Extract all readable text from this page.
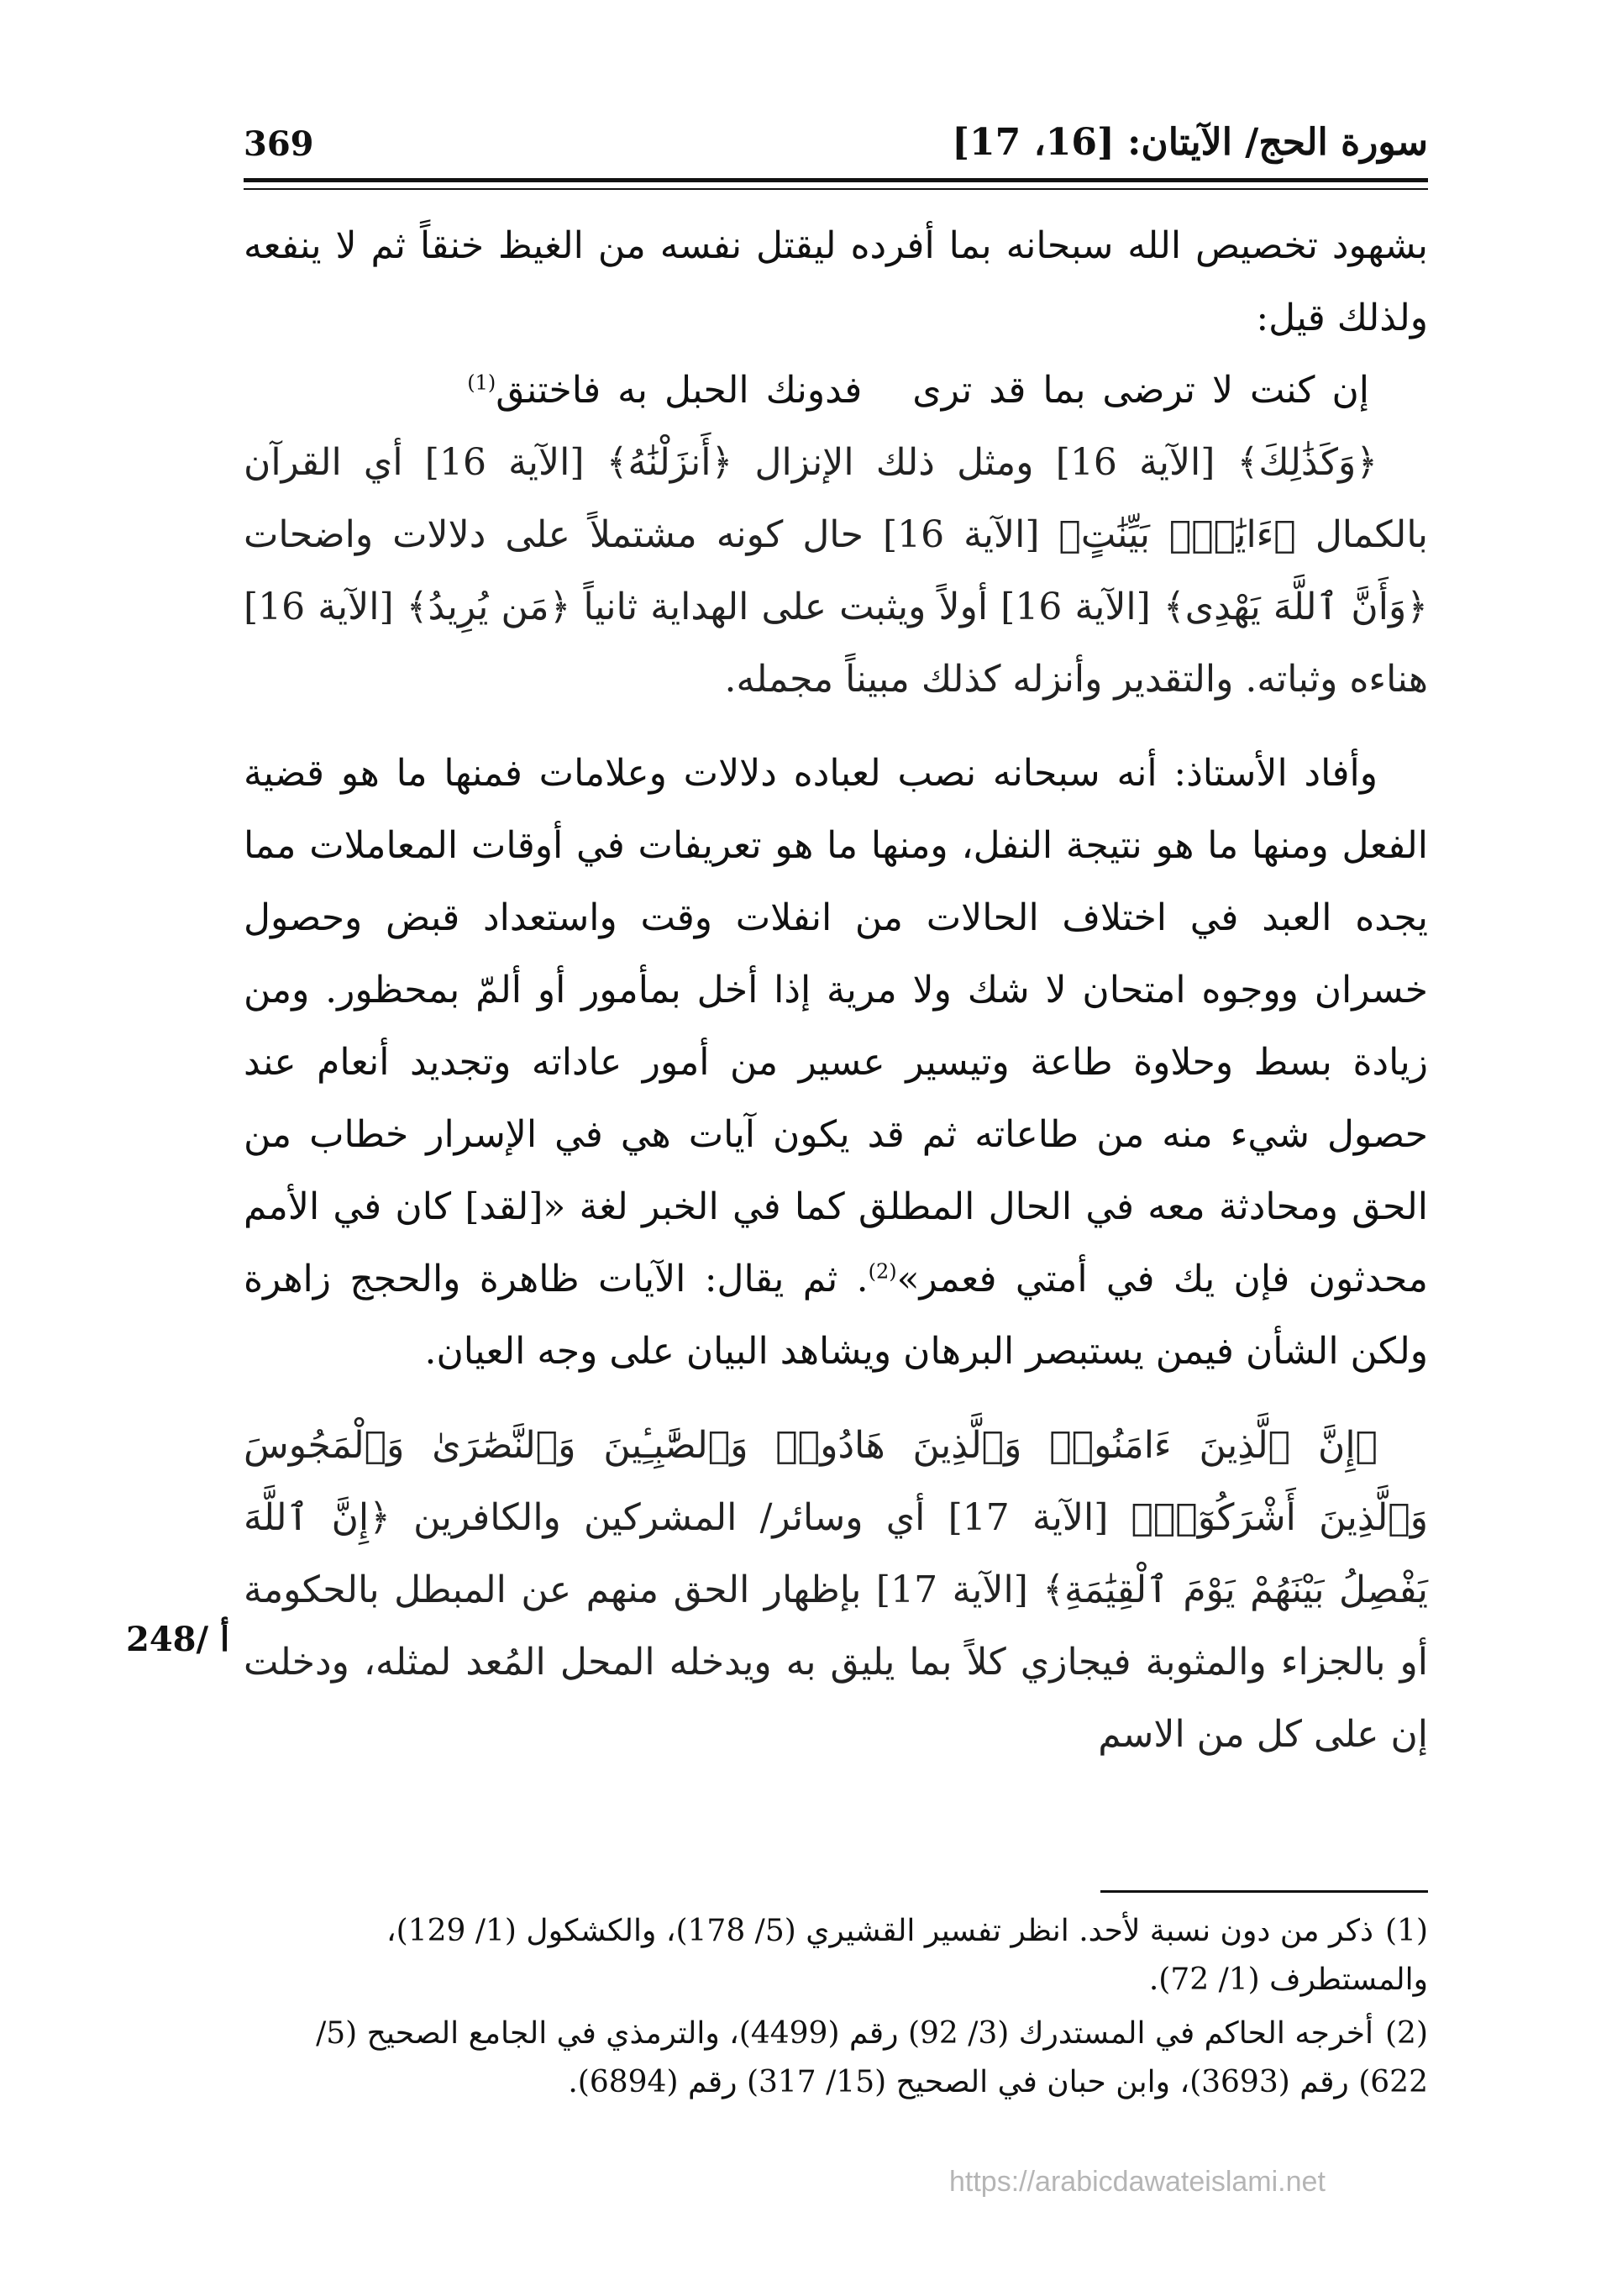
369	سورة الحج/ الآيتان: [16، 17]

بشهود تخصيص الله سبحانه بما أفرده ليقتل نفسه من الغيظ خنقاً ثم لا ينفعه ولذلك قيل:

إن كنت لا ترضى بما قد ترى
فدونك الحبل به فاختنق$^{(1)}$

﴿وَكَذَٰلِكَ﴾ [الآية 16] ومثل ذلك الإنزال ﴿أَنزَلْنَٰهُ﴾ [الآية 16] أي القرآن بالكمال ﴿ءَايَٰتٍۭ بَيِّنَٰتٍ﴾ [الآية 16] حال كونه مشتملاً على دلالات واضحات ﴿وَأَنَّ ٱللَّهَ يَهْدِى﴾ [الآية 16] أولاً ويثبت على الهداية ثانياً ﴿مَن يُرِيدُ﴾ [الآية 16] هناءه وثباته. والتقدير وأنزله كذلك مبيناً مجمله.

وأفاد الأستاذ: أنه سبحانه نصب لعباده دلالات وعلامات فمنها ما هو قضية الفعل ومنها ما هو نتيجة النفل، ومنها ما هو تعريفات في أوقات المعاملات مما يجده العبد في اختلاف الحالات من انفلات وقت واستعداد قبض وحصول خسران ووجوه امتحان لا شك ولا مرية إذا أخل بمأمور أو ألمّ بمحظور. ومن زيادة بسط وحلاوة طاعة وتيسير عسير من أمور عاداته وتجديد أنعام عند حصول شيء منه من طاعاته ثم قد يكون آيات هي في الإسرار خطاب من الحق ومحادثة معه في الحال المطلق كما في الخبر لغة «[لقد] كان في الأمم محدثون فإن يك في أمتي فعمر»$^{(2)}$. ثم يقال: الآيات ظاهرة والحجج زاهرة ولكن الشأن فيمن يستبصر البرهان ويشاهد البيان على وجه العيان.

﴿إِنَّ ٱلَّذِينَ ءَامَنُوا۟ وَٱلَّذِينَ هَادُوا۟ وَٱلصَّٰبِـِٔينَ وَٱلنَّصَٰرَىٰ وَٱلْمَجُوسَ وَٱلَّذِينَ أَشْرَكُوٓا۟﴾ [الآية 17] أي وسائر/ المشركين والكافرين ﴿إِنَّ ٱللَّهَ يَفْصِلُ بَيْنَهُمْ يَوْمَ ٱلْقِيَٰمَةِ﴾ [الآية 17] بإظهار الحق منهم عن المبطل بالحكومة أو بالجزاء والمثوبة فيجازي كلاً بما يليق به ويدخله المحل المُعد لمثله، ودخلت إن على كل من الاسم

248/ أ

(1)ذكر من دون نسبة لأحد. انظر تفسير القشيري (5/ 178)، والكشكول (1/ 129)، والمستطرف (1/ 72).

(2)أخرجه الحاكم في المستدرك (3/ 92) رقم (4499)، والترمذي في الجامع الصحيح (5/ 622) رقم (3693)، وابن حبان في الصحيح (15/ 317) رقم (6894).

https://arabicdawateislami.net
